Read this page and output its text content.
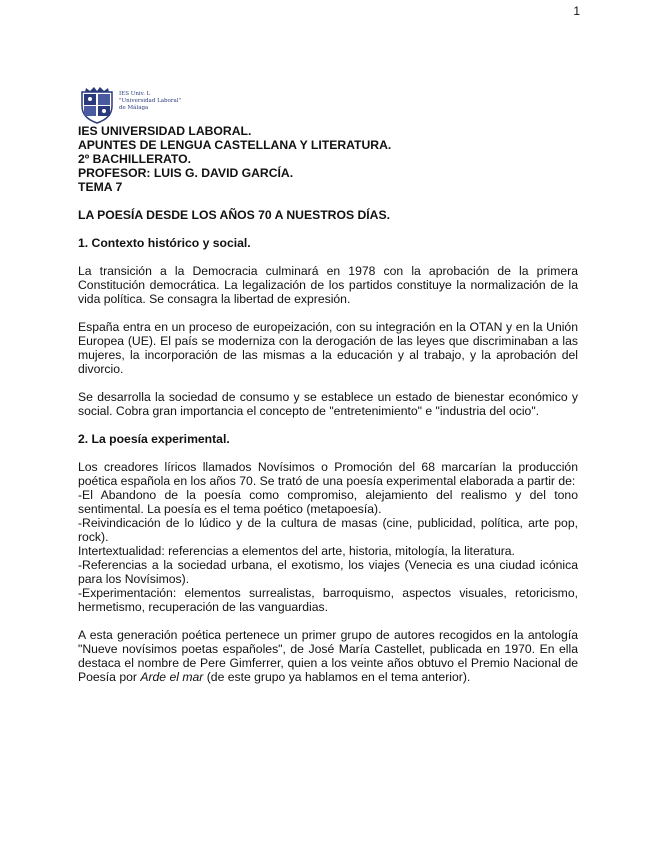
1
IES Univ. L
"Universidad Laboral"
de Málaga
IES UNIVERSIDAD LABORAL.
APUNTES DE LENGUA CASTELLANA Y LITERATURA.
2º BACHILLERATO.
PROFESOR: LUIS G. DAVID GARCÍA.
TEMA 7
LA POESÍA DESDE LOS AÑOS 70 A NUESTROS DÍAS.
1. Contexto histórico y social.

La transición a la Democracia culminará en 1978 con la aprobación de la primera Constitución democrática. La legalización de los partidos constituye la normalización de la vida política. Se consagra la libertad de expresión.

España entra en un proceso de europeización, con su integración en la OTAN y en la Unión Europea (UE). El país se moderniza con la derogación de las leyes que discriminaban a las mujeres, la incorporación de las mismas a la educación y al trabajo, y la aprobación del divorcio.

Se desarrolla la sociedad de consumo y se establece un estado de bienestar económico y social. Cobra gran importancia el concepto de "entretenimiento" e "industria del ocio".

2. La poesía experimental.

Los creadores líricos llamados Novísimos o Promoción del 68 marcarían la producción poética española en los años 70. Se trató de una poesía experimental elaborada a partir de:

-El Abandono de la poesía como compromiso, alejamiento del realismo y del tono sentimental. La poesía es el tema poético (metapoesía).
-Reivindicación de lo lúdico y de la cultura de masas (cine, publicidad, política, arte pop, rock).
Intertextualidad: referencias a elementos del arte, historia, mitología, la literatura.
-Referencias a la sociedad urbana, el exotismo, los viajes (Venecia es una ciudad icónica para los Novísimos).
-Experimentación: elementos surrealistas, barroquismo, aspectos visuales, retoricismo, hermetismo, recuperación de las vanguardias.

A esta generación poética pertenece un primer grupo de autores recogidos en la antología "Nueve novísimos poetas españoles", de José María Castellet, publicada en 1970. En ella destaca el nombre de Pere Gimferrer, quien a los veinte años obtuvo el Premio Nacional de Poesía por Arde el mar (de este grupo ya hablamos en el tema anterior).
